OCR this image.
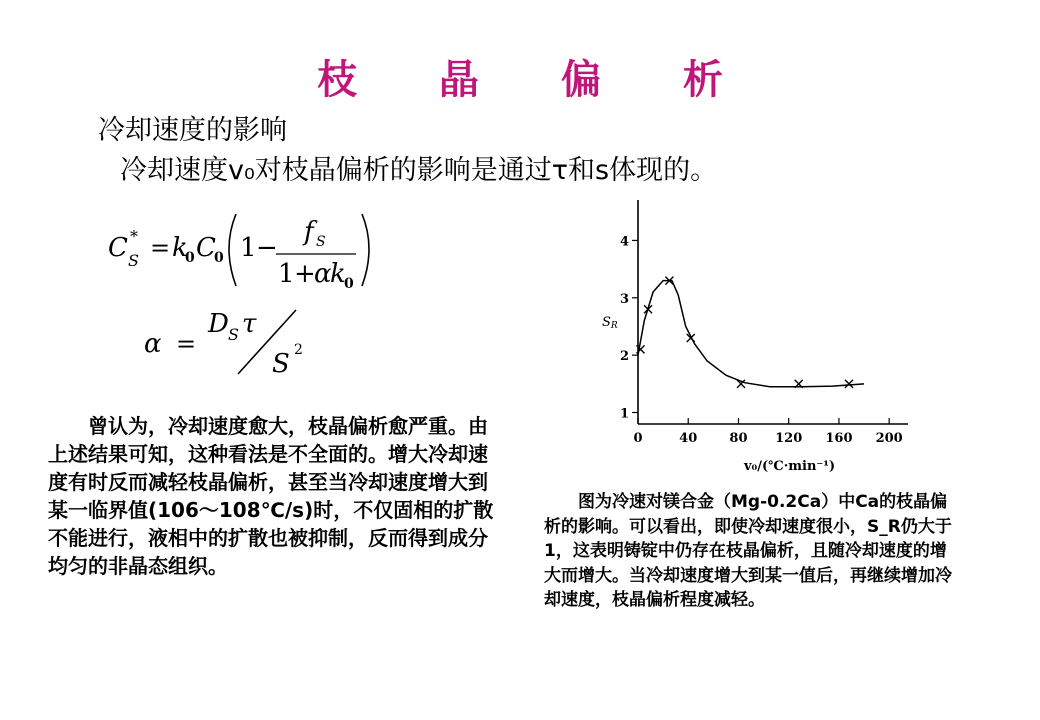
枝 晶 偏 析
冷却速度的影响
冷却速度v₀对枝晶偏析的影响是通过τ和s体现的。
C *
S = k
0 C
0 1 −
f S
1 +
α
k
0
α =
D S τ
S 2
曾认为，冷却速度愈大，枝晶偏析愈严重。由上述结果可知，这种看法是不全面的。增大冷却速度有时反而减轻枝晶偏析，甚至当冷却速度增大到某一临界值(106～108℃/s)时，不仅固相的扩散不能进行，液相中的扩散也被抑制，反而得到成分均匀的非晶态组织。
1
2
3
4
0	40 80 120 160 200
SR
v₀/(℃·min⁻¹)
图为冷速对镁合金（Mg-0.2Ca）中Ca的枝晶偏析的影响。可以看出，即使冷却速度很小，S_R仍大于1，这表明铸锭中仍存在枝晶偏析，且随冷却速度的增大而增大。当冷却速度增大到某一值后，再继续增加冷却速度，枝晶偏析程度减轻。
